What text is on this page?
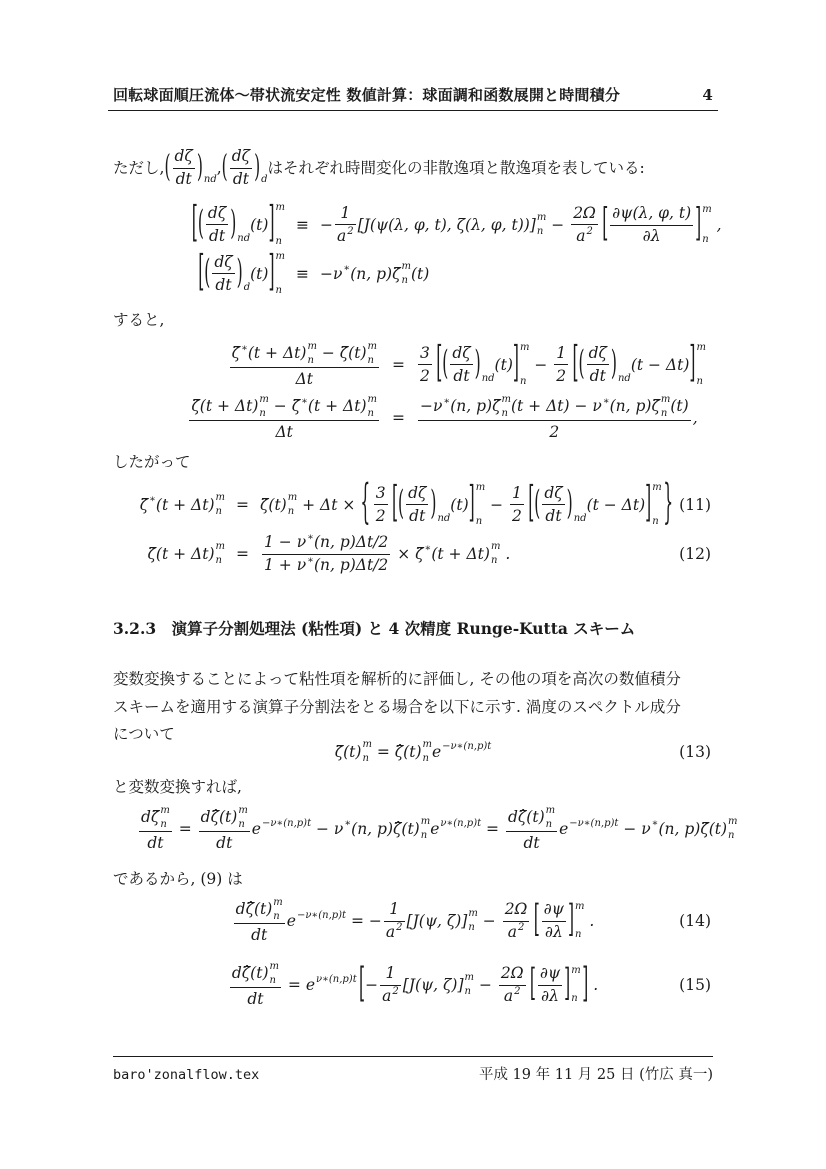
回転球面順圧流体～帯状流安定性 数値計算：球面調和函数展開と時間積分	4
ただし, ( $\frac{d\zeta}{dt}$ ) nd
, ( $\frac{d\zeta}{dt}$ ) d
はそれぞれ時間変化の非散逸項と散逸項を表している:
[ ( $\frac{d\zeta}{dt}$ ) nd
(t) ] m
n
≡ − $\frac{1}{a 2} [J(\psi(\lambda$, φ, t), ζ(λ, φ, t))] m
$n - \frac{2\Omega}{a 2}$ [ $\frac{\partial\psi(\lambda, \varphi, t)}{\partial\lambda}$ ] m
n
,
[ ( $\frac{d\zeta}{dt}$ ) d
(t) ] m
n
≡ −ν ∗ (n, p)ζ̃ m
n (t)
すると,
ζ̃ ∗ (t + Δt) m
n − ζ̃(t) m
n
$\Delta t = \frac{3}{2}$ [ ( $\frac{d\zeta}{dt}$ ) nd
(t) ] m
n
− $\frac{1}{2}$ [ ( $\frac{d\zeta}{dt}$ ) nd
(t − Δt) ] m
n
ζ̃(t + Δt) m
n − ζ̃ ∗ (t + Δt) m
n
Δt = −ν ∗ (n, p)ζ̃ m
n (t + Δt) − ν ∗ (n, p)ζ̃ m
n (t)
2 ,
したがって
ζ̃ ∗ (t + Δt) m
n = ζ̃(t) m
n + Δt × { $\frac{3}{2}$ [ ( $\frac{d\zeta}{dt}$ ) nd
(t) ] m
n
− $\frac{1}{2}$ [ ( $\frac{d\zeta}{dt}$ ) nd
(t − Δt) ] m
n } (11)
ζ̃(t + Δt) m
$n = \frac{1 - \nu ∗ (n, p)\Delta t/2}{1 + \nu ∗ (n, p)\Delta t/2}$ × ζ̃ ∗ (t + Δt) m
n .	(12)
3.2.3　演算子分割処理法 (粘性項) と 4 次精度 Runge-Kutta スキーム
変数変換することによって粘性項を解析的に評価し, その他の項を高次の数値積分
スキームを適用する演算子分割法をとる場合を以下に示す. 渦度のスペクトル成分
について
ζ̃(t) m
n = ζ̂(t) m
n e −ν∗(n,p)t	(13)
と変数変換すれば,
dζ̃ m
n
dt = dζ̂(t) m
n
dt e −ν∗(n,p)t − ν ∗ (n, p)ζ̂(t) m
n e ν∗(n,p)t = dζ̂(t) m
n
dt e −ν∗(n,p)t − ν ∗ (n, p)ζ̃(t) m
n
であるから, (9) は
dζ̂(t) m
n
dt e −ν∗(n,p)t = − $\frac{1}{a 2} [J(\psi$, ζ)] m
$n - \frac{2\Omega}{a 2}$ [ $\frac{\partial\psi}{\partial\lambda}$ ] m
n
.	(14)
dζ̂(t) m
n
dt = e ν∗(n,p)t [ − $\frac{1}{a 2} [J(\psi$, ζ)] m
$n - \frac{2\Omega}{a 2}$ [ $\frac{\partial\psi}{\partial\lambda}$ ] m
n ] .	(15)
baro'zonalflow.tex	平成 19 年 11 月 25 日 (竹広 真一)
